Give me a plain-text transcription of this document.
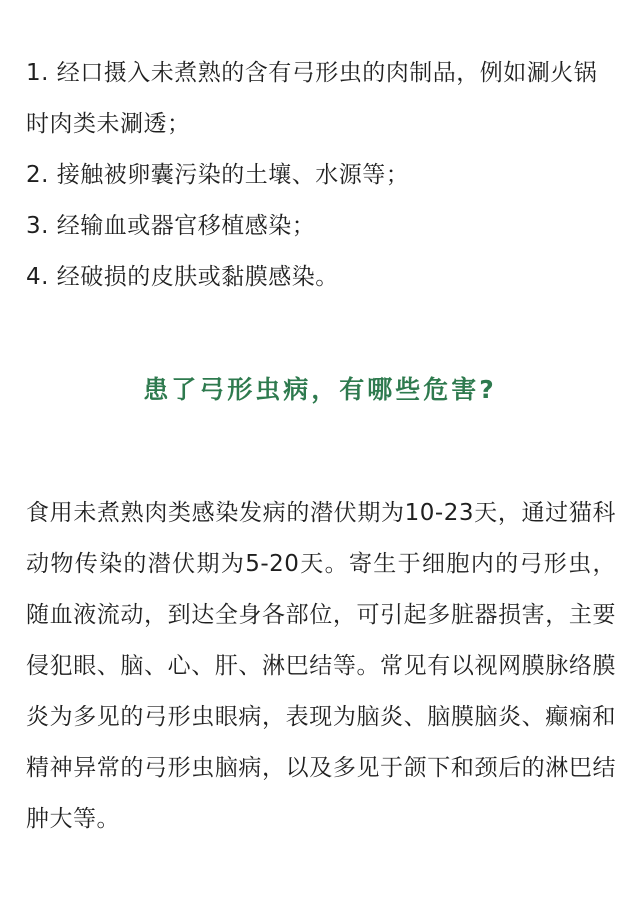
1. 经口摄入未煮熟的含有弓形虫的肉制品，例如涮火锅时肉类未涮透；
2. 接触被卵囊污染的土壤、水源等；
3. 经输血或器官移植感染；
4. 经破损的皮肤或黏膜感染。
患了弓形虫病，有哪些危害?

食用未煮熟肉类感染发病的潜伏期为10-23天，通过猫科动物传染的潜伏期为5-20天。寄生于细胞内的弓形虫，随血液流动，到达全身各部位，可引起多脏器损害，主要侵犯眼、脑、心、肝、淋巴结等。常见有以视网膜脉络膜炎为多见的弓形虫眼病，表现为脑炎、脑膜脑炎、癫痫和精神异常的弓形虫脑病，以及多见于颌下和颈后的淋巴结肿大等。
